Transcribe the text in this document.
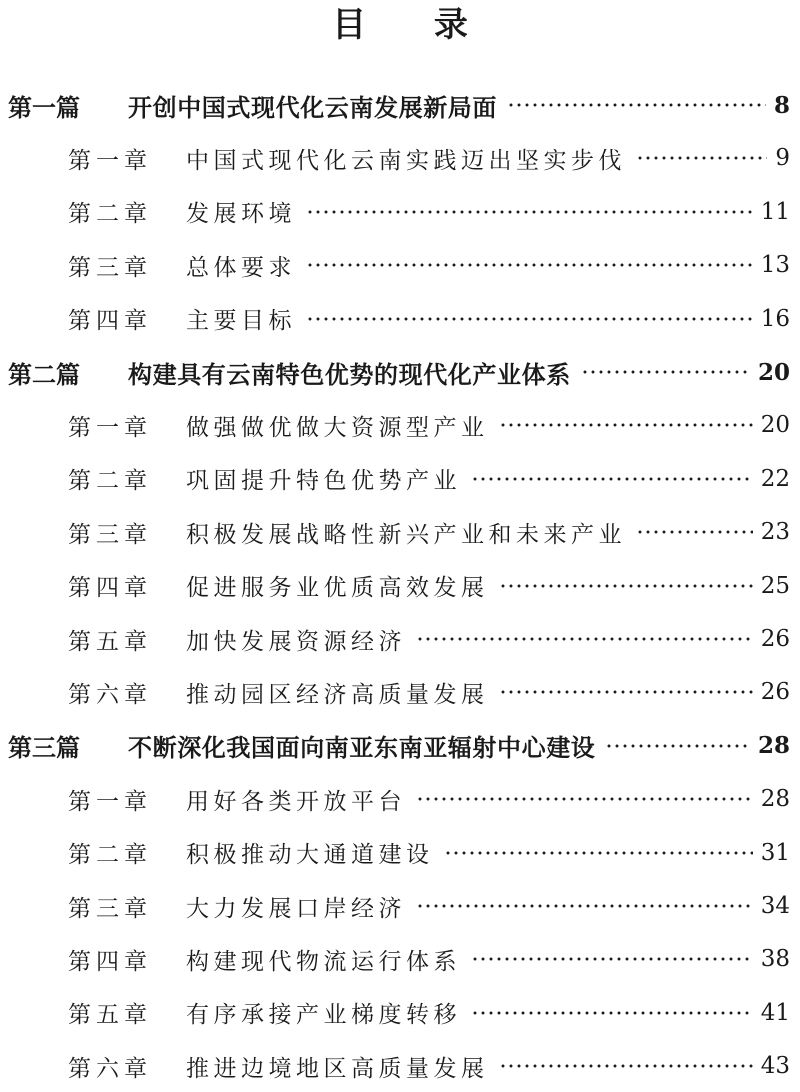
目 录
第一篇	开创中国式现代化云南发展新局面	8
第一章	中国式现代化云南实践迈出坚实步伐	9
第二章	发展环境	11
第三章	总体要求	13
第四章	主要目标	16
第二篇	构建具有云南特色优势的现代化产业体系	20
第一章	做强做优做大资源型产业	20
第二章	巩固提升特色优势产业	22
第三章	积极发展战略性新兴产业和未来产业	23
第四章	促进服务业优质高效发展	25
第五章	加快发展资源经济	26
第六章	推动园区经济高质量发展	26
第三篇	不断深化我国面向南亚东南亚辐射中心建设	28
第一章	用好各类开放平台	28
第二章	积极推动大通道建设	31
第三章	大力发展口岸经济	34
第四章	构建现代物流运行体系	38
第五章	有序承接产业梯度转移	41
第六章	推进边境地区高质量发展	43
